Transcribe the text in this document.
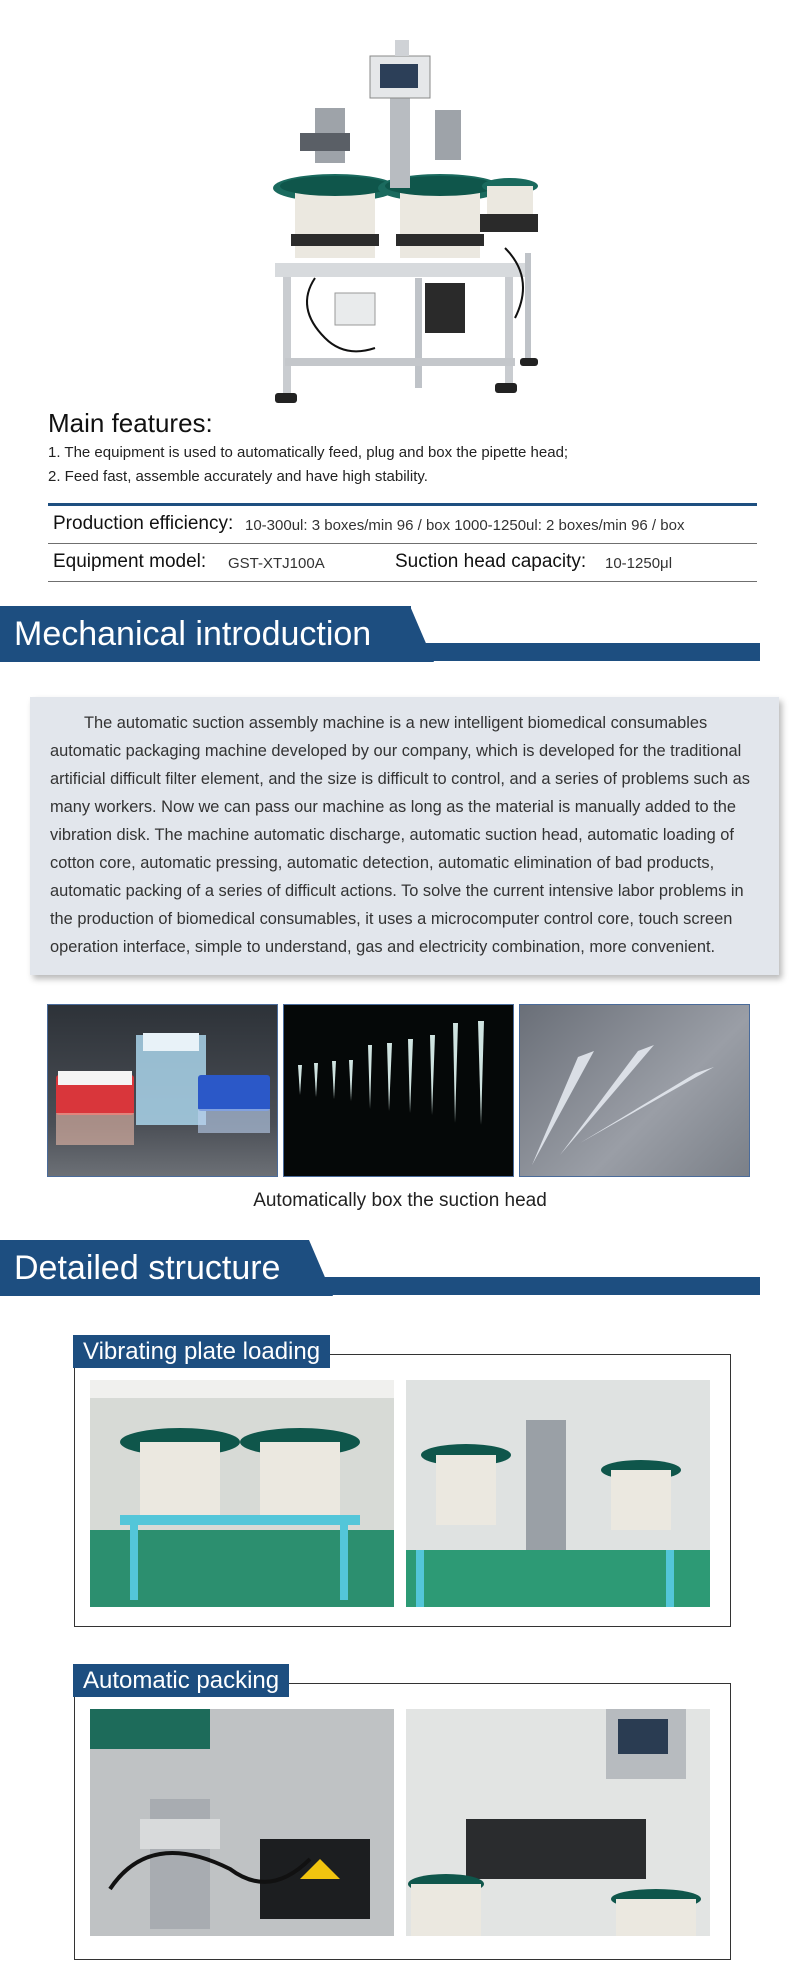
Main features:
1. The equipment is used to automatically feed, plug and box the pipette head;
2. Feed fast, assemble accurately and have high stability.
Production efficiency: 10-300ul: 3 boxes/min 96 / box 1000-1250ul: 2 boxes/min 96 / box
Equipment model: GST-XTJ100A	Suction head capacity: 10-1250μl
Mechanical introduction
The automatic suction assembly machine is a new intelligent biomedical consumables automatic packaging machine developed by our company, which is developed for the traditional artificial difficult filter element, and the size is difficult to control, and a series of problems such as many workers. Now we can pass our machine as long as the material is manually added to the vibration disk. The machine automatic discharge, automatic suction head, automatic loading of cotton core, automatic pressing, automatic detection, automatic elimination of bad products, automatic packing of a series of difficult actions. To solve the current intensive labor problems in the production of biomedical consumables, it uses a microcomputer control core, touch screen operation interface, simple to understand, gas and electricity combination, more convenient.
Automatically box the suction head
Detailed structure
Vibrating plate loading
Automatic packing
